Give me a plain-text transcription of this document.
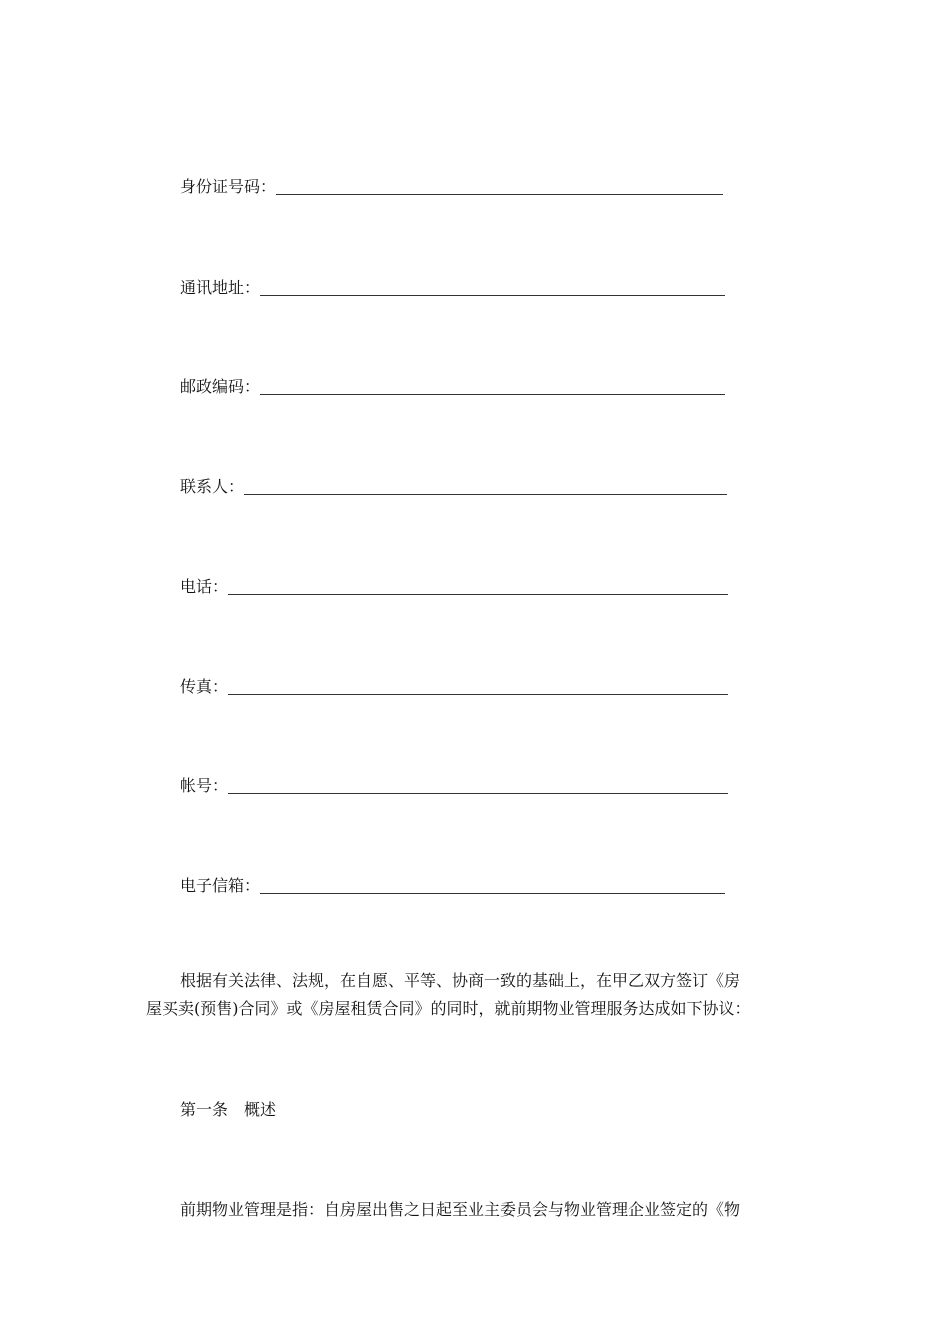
身份证号码：
通讯地址：
邮政编码：
联系人：
电话：
传真：
帐号：
电子信箱：
根据有关法律、法规，在自愿、平等、协商一致的基础上，在甲乙双方签订《房
屋买卖(预售)合同》或《房屋租赁合同》的同时，就前期物业管理服务达成如下协议：
第一条　概述
前期物业管理是指：自房屋出售之日起至业主委员会与物业管理企业签定的《物
